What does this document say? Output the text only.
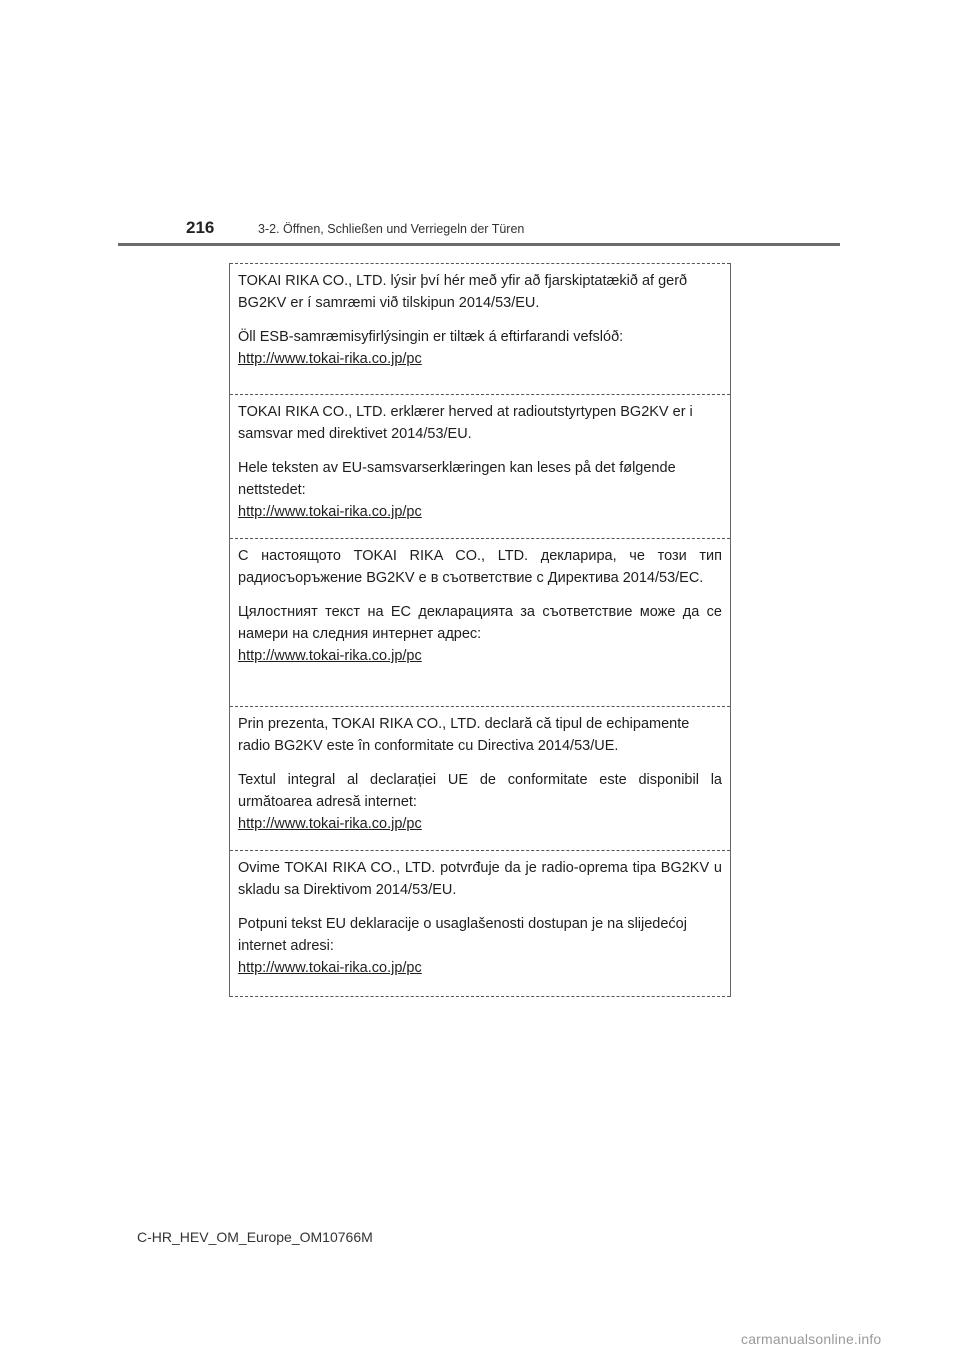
216	3-2. Öffnen, Schließen und Verriegeln der Türen

TOKAI RIKA CO., LTD. lýsir því hér með yfir að fjarskiptatækið af gerð BG2KV er í samræmi við tilskipun 2014/53/EU.

Öll ESB-samræmisyfirlýsingin er tiltæk á eftirfarandi vefslóð:
http://www.tokai-rika.co.jp/pc

TOKAI RIKA CO., LTD. erklærer herved at radioutstyrtypen BG2KV er i samsvar med direktivet 2014/53/EU.

Hele teksten av EU-samsvarserklæringen kan leses på det følgende nettstedet:
http://www.tokai-rika.co.jp/pc

С настоящото TOKAI RIKA CO., LTD. декларира, че този тип радиосъоръжение BG2KV е в съответствие с Директива 2014/53/ЕС.

Цялостният текст на ЕС декларацията за съответствие може да се намери на следния интернет адрес:
http://www.tokai-rika.co.jp/pc

Prin prezenta, TOKAI RIKA CO., LTD. declară că tipul de echipamente radio BG2KV este în conformitate cu Directiva 2014/53/UE.

Textul integral al declarației UE de conformitate este disponibil la următoarea adresă internet:
http://www.tokai-rika.co.jp/pc

Ovime TOKAI RIKA CO., LTD. potvrđuje da je radio-oprema tipa BG2KV u skladu sa Direktivom 2014/53/EU.

Potpuni tekst EU deklaracije o usaglašenosti dostupan je na slijedećoj internet adresi:
http://www.tokai-rika.co.jp/pc

C-HR_HEV_OM_Europe_OM10766M
carmanualsonline.info
